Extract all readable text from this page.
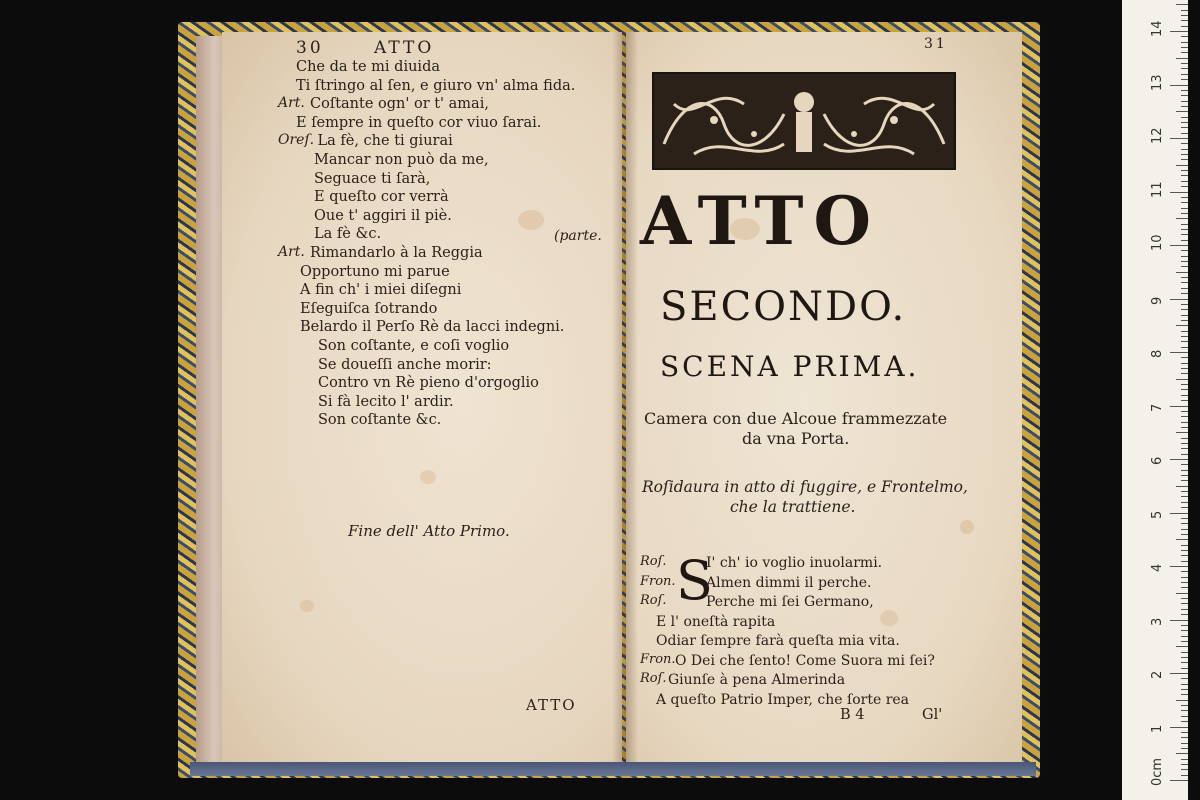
30	ATTO
Che da te mi diuida
Ti ſtringo al ſen, e giuro vn' alma fida.
Art. Coſtante ogn' or t' amai,
E ſempre in queſto cor viuo ſarai.
Oreſ. La fè, che ti giurai
Mancar non può da me,
Seguace ti ſarà,
E queſto cor verrà
Oue t' aggiri il piè.
La fè &c.
Art. Rimandarlo à la Reggia
Opportuno mi parue
A fin ch' i miei diſegni
Eſeguiſca ſotrando
Belardo il Perſo Rè da lacci indegni.
Son coſtante, e coſi voglio
Se doueſſi anche morir:
Contro vn Rè pieno d'orgoglio
Si fà lecito l' ardir.
Son coſtante &c.
(parte.
Fine dell' Atto Primo.
ATTO
31
ATTO
SECONDO.
SCENA PRIMA.
Camera con due Alcoue frammezzate
da vna Porta.
Roſidaura in atto di fuggire, e Frontelmo,
che la trattiene.
S
Roſ.	I' ch' io voglio inuolarmi.
Fron. Almen dimmi il perche.
Roſ.	Perche mi ſei Germano,
E l' oneſtà rapita
Odiar ſempre farà queſta mia vita.
Fron. O Dei che ſento! Come Suora mi ſei?
Roſ. Giunſe à pena Almerinda
A queſto Patrio Imper, che ſorte rea
B 4	Gl'
0cm
1
2
3
4
5
6
7
8
9
10
11
12
13
14
